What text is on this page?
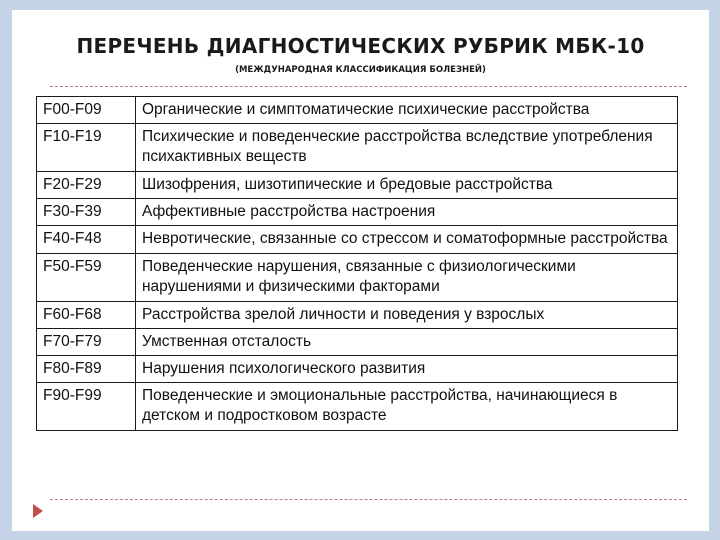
ПЕРЕЧЕНЬ ДИАГНОСТИЧЕСКИХ РУБРИК МБК-10
(МЕЖДУНАРОДНАЯ КЛАССИФИКАЦИЯ БОЛЕЗНЕЙ)
F00-F09	Органические и симптоматические психические расстройства
F10-F19	Психические и поведенческие расстройства вследствие употребления психактивных веществ
F20-F29	Шизофрения, шизотипические и бредовые расстройства
F30-F39	Аффективные расстройства настроения
F40-F48	Невротические, связанные со стрессом и соматоформные расстройства
F50-F59	Поведенческие нарушения, связанные с физиологическими нарушениями и физическими факторами
F60-F68	Расстройства зрелой личности и поведения у взрослых
F70-F79	Умственная отсталость
F80-F89	Нарушения психологического развития
F90-F99	Поведенческие и эмоциональные расстройства, начинающиеся в детском и подростковом возрасте
